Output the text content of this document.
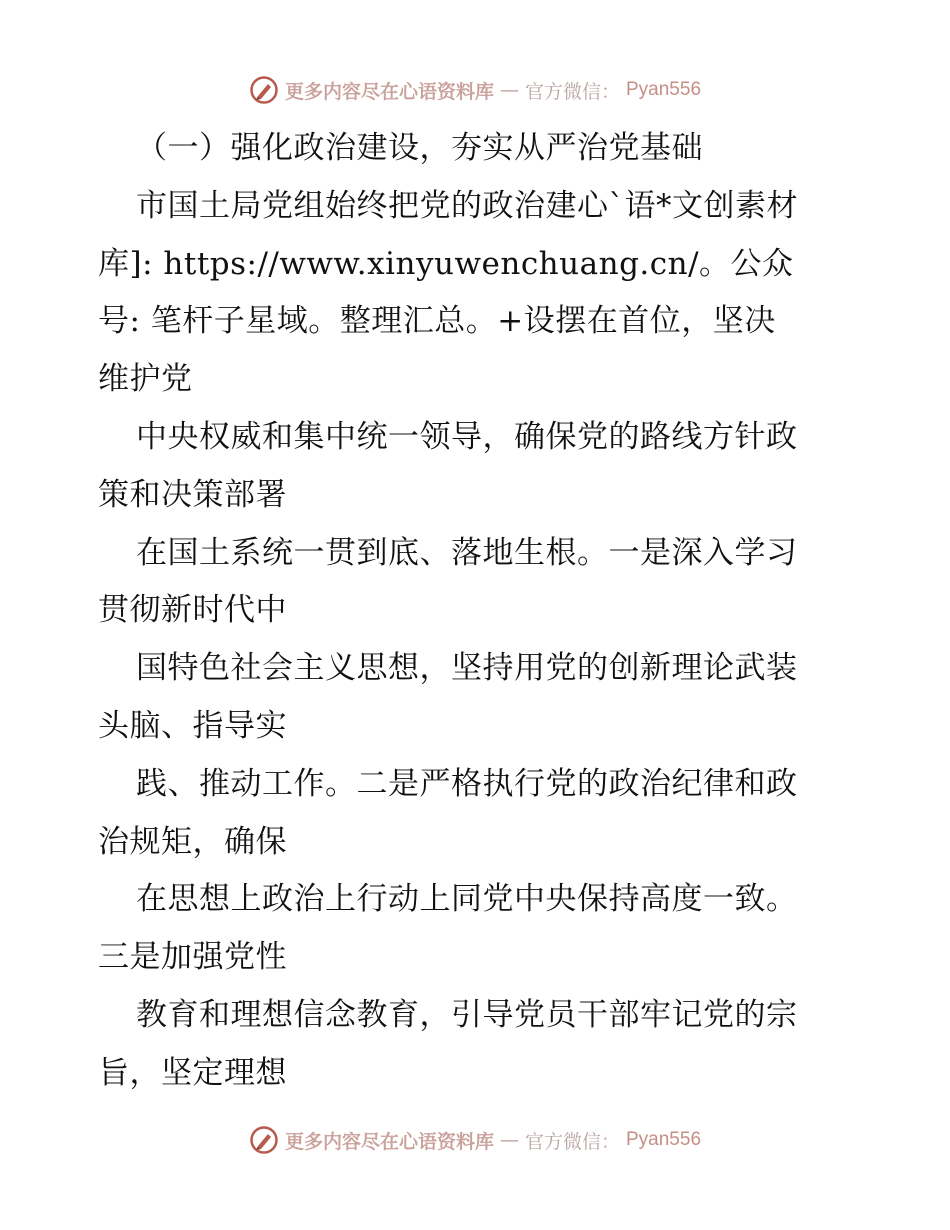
更多内容尽在心语资料库 — 官方微信： Pyan556
（一）强化政治建设，夯实从严治党基础
市国土局党组始终把党的政治建心`语*文创素材
库]: https://www.xinyuwenchuang.cn/。公众
号: 笔杆子星域。整理汇总。+设摆在首位，坚决
维护党
中央权威和集中统一领导，确保党的路线方针政
策和决策部署
在国土系统一贯到底、落地生根。一是深入学习
贯彻新时代中
国特色社会主义思想，坚持用党的创新理论武装
头脑、指导实
践、推动工作。二是严格执行党的政治纪律和政
治规矩，确保
在思想上政治上行动上同党中央保持高度一致。
三是加强党性
教育和理想信念教育，引导党员干部牢记党的宗
旨，坚定理想
更多内容尽在心语资料库 — 官方微信： Pyan556
